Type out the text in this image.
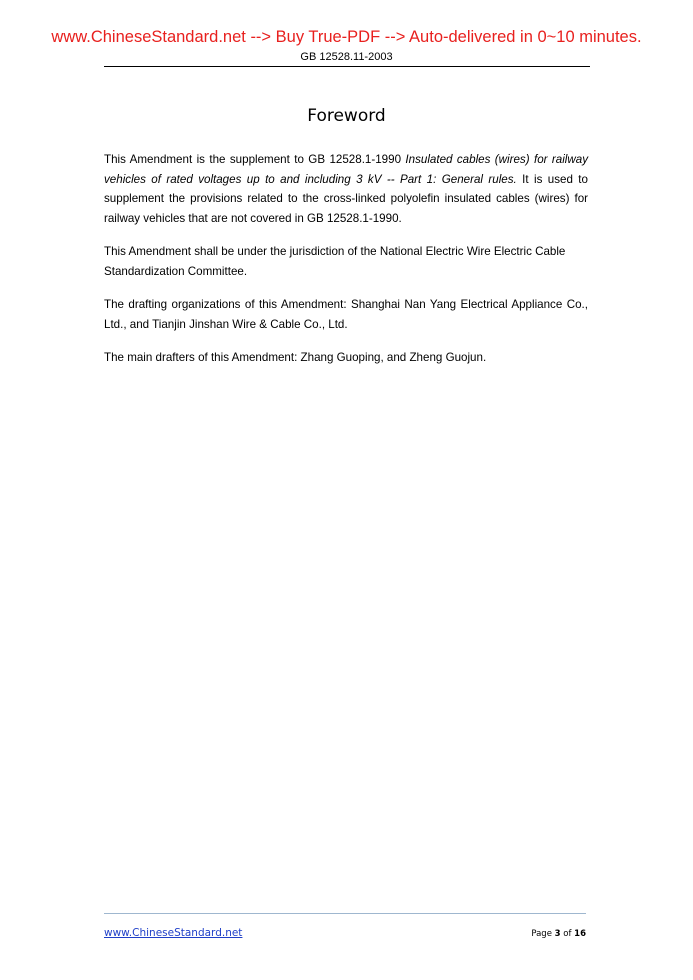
www.ChineseStandard.net --> Buy True-PDF --> Auto-delivered in 0~10 minutes.
GB 12528.11-2003
Foreword

This Amendment is the supplement to GB 12528.1-1990 Insulated cables (wires) for railway vehicles of rated voltages up to and including 3 kV -- Part 1: General rules. It is used to supplement the provisions related to the cross-linked polyolefin insulated cables (wires) for railway vehicles that are not covered in GB 12528.1-1990.

This Amendment shall be under the jurisdiction of the National Electric Wire Electric Cable Standardization Committee.

The drafting organizations of this Amendment: Shanghai Nan Yang Electrical Appliance Co., Ltd., and Tianjin Jinshan Wire & Cable Co., Ltd.

The main drafters of this Amendment: Zhang Guoping, and Zheng Guojun.

www.ChineseStandard.net	Page 3 of 16
